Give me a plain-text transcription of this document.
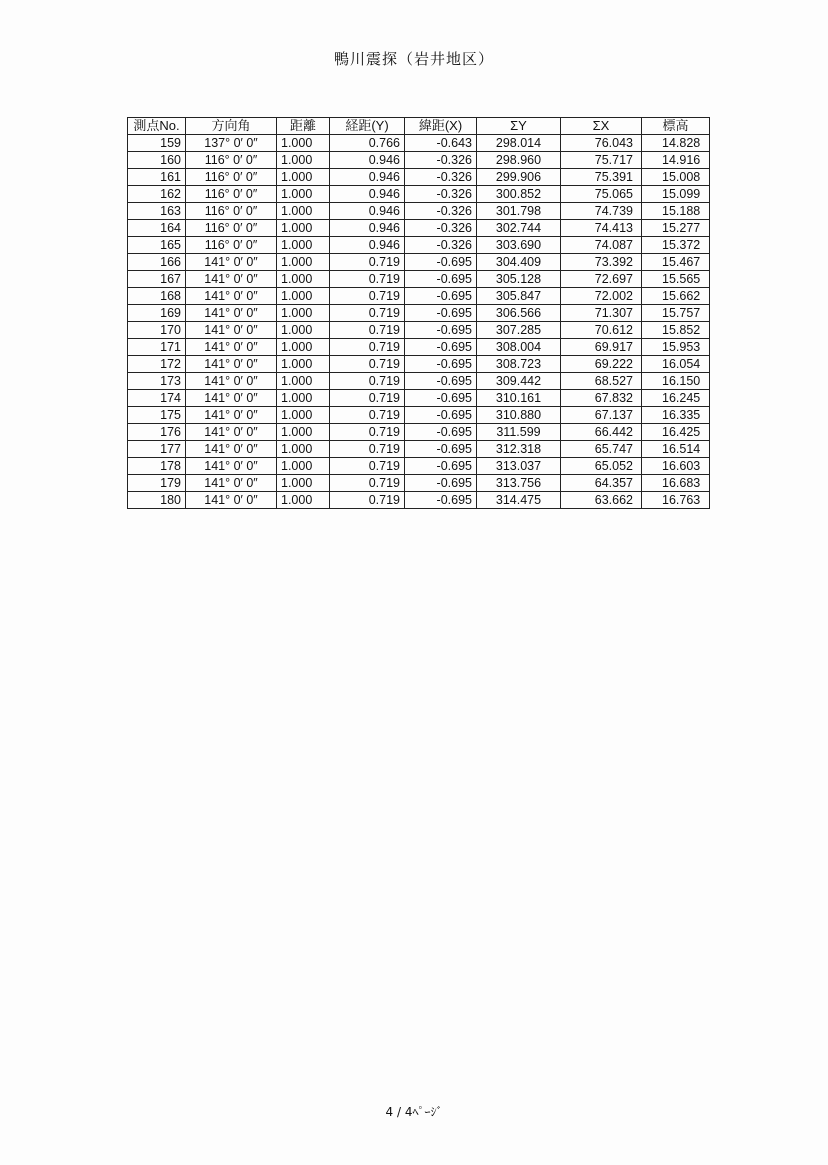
鴨川震探（岩井地区）
測点No.	方向角	距離	経距(Y)	緯距(X)	ΣY	ΣX	標高
159	137° 0′ 0″	1.000	0.766	-0.643	298.014	76.043	14.828
160	116° 0′ 0″	1.000	0.946	-0.326	298.960	75.717	14.916
161	116° 0′ 0″	1.000	0.946	-0.326	299.906	75.391	15.008
162	116° 0′ 0″	1.000	0.946	-0.326	300.852	75.065	15.099
163	116° 0′ 0″	1.000	0.946	-0.326	301.798	74.739	15.188
164	116° 0′ 0″	1.000	0.946	-0.326	302.744	74.413	15.277
165	116° 0′ 0″	1.000	0.946	-0.326	303.690	74.087	15.372
166	141° 0′ 0″	1.000	0.719	-0.695	304.409	73.392	15.467
167	141° 0′ 0″	1.000	0.719	-0.695	305.128	72.697	15.565
168	141° 0′ 0″	1.000	0.719	-0.695	305.847	72.002	15.662
169	141° 0′ 0″	1.000	0.719	-0.695	306.566	71.307	15.757
170	141° 0′ 0″	1.000	0.719	-0.695	307.285	70.612	15.852
171	141° 0′ 0″	1.000	0.719	-0.695	308.004	69.917	15.953
172	141° 0′ 0″	1.000	0.719	-0.695	308.723	69.222	16.054
173	141° 0′ 0″	1.000	0.719	-0.695	309.442	68.527	16.150
174	141° 0′ 0″	1.000	0.719	-0.695	310.161	67.832	16.245
175	141° 0′ 0″	1.000	0.719	-0.695	310.880	67.137	16.335
176	141° 0′ 0″	1.000	0.719	-0.695	311.599	66.442	16.425
177	141° 0′ 0″	1.000	0.719	-0.695	312.318	65.747	16.514
178	141° 0′ 0″	1.000	0.719	-0.695	313.037	65.052	16.603
179	141° 0′ 0″	1.000	0.719	-0.695	313.756	64.357	16.683
180	141° 0′ 0″	1.000	0.719	-0.695	314.475	63.662	16.763
4 / 4ﾍﾟｰｼﾞ
